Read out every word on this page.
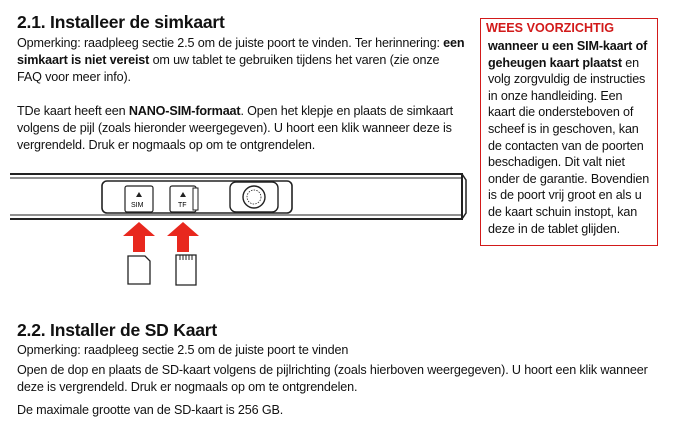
2.1. Installeer de simkaart
Opmerking: raadpleeg sectie 2.5 om de juiste poort te vinden. Ter herinnering: een simkaart is niet vereist om uw tablet te gebruiken tijdens het varen (zie onze FAQ voor meer info).
TDe kaart heeft een NANO-SIM-formaat. Open het klepje en plaats de simkaart volgens de pijl (zoals hieronder weergegeven). U hoort een klik wanneer deze is vergrendeld. Druk er nogmaals op om te ontgrendelen.
WEES VOORZICHTIG
wanneer u een SIM-kaart of geheugen kaart plaatst en volg zorgvuldig de instructies in onze handleiding. Een kaart die ondersteboven of scheef is in geschoven, kan de contacten van de poorten beschadigen. Dit valt niet onder de garantie. Bovendien is de poort vrij groot en als u de kaart schuin instopt, kan deze in de tablet glijden.
SIM	TF
2.2. Installer de SD Kaart
Opmerking: raadpleeg sectie 2.5 om de juiste poort te vinden
Open de dop en plaats de SD-kaart volgens de pijlrichting (zoals hierboven weergegeven). U hoort een klik wanneer deze is vergrendeld. Druk er nogmaals op om te ontgrendelen.
De maximale grootte van de SD-kaart is 256 GB.
